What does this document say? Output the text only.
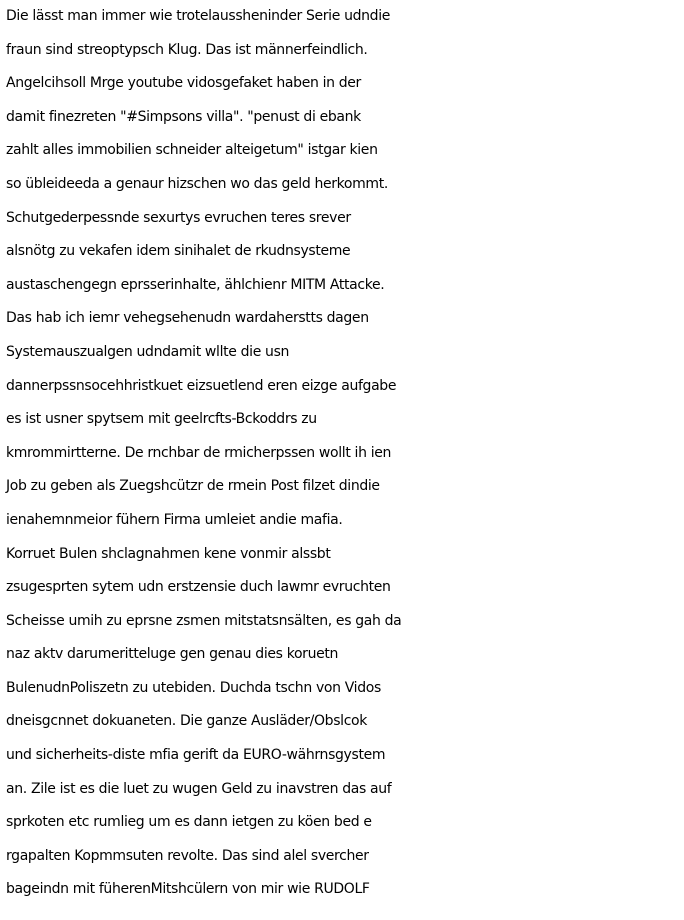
Die lässt man immer wie trotelaussheninder Serie udndie
fraun sind streoptypsch Klug. Das ist männerfeindlich.
Angelcihsoll Mrge youtube vidosgefaket haben in der
damit finezreten "#Simpsons villa". "penust di ebank
zahlt alles immobilien schneider alteigetum" istgar kien
so übleideeda a genaur hizschen wo das geld herkommt.
Schutgederpessnde sexurtys evruchen teres srever
alsnötg zu vekafen idem sinihalet de rkudnsysteme
austaschengegn eprsserinhalte, ählchienr MITM Attacke.
Das hab ich iemr vehegsehenudn wardaherstts dagen
Systemauszualgen udndamit wllte die usn
dannerpssnsocehhristkuet eizsuetlend eren eizge aufgabe
es ist usner spytsem mit geelrcfts-Bckoddrs zu
kmrommirtterne. De rnchbar de rmicherpssen wollt ih ien
Job zu geben als Zuegshcützr de rmein Post filzet dindie
ienahemnmeior fühern Firma umleiet andie mafia.
Korruet Bulen shclagnahmen kene vonmir alssbt
zsugesprten sytem udn erstzensie duch lawmr evruchten
Scheisse umih zu eprsne zsmen mitstatsnsälten, es gah da
naz aktv darumeritteluge gen genau dies koruetn
BulenudnPoliszetn zu utebiden. Duchda tschn von Vidos
dneisgcnnet dokuaneten. Die ganze Ausläder/Obslcok
und sicherheits-diste mfia gerift da EURO-währnsgystem
an. Zile ist es die luet zu wugen Geld zu inavstren das auf
sprkoten etc rumlieg um es dann ietgen zu köen bed e
rgapalten Kopmmsuten revolte. Das sind alel svercher
bageindn mit füherenMitshcülern von mir wie RUDOLF
